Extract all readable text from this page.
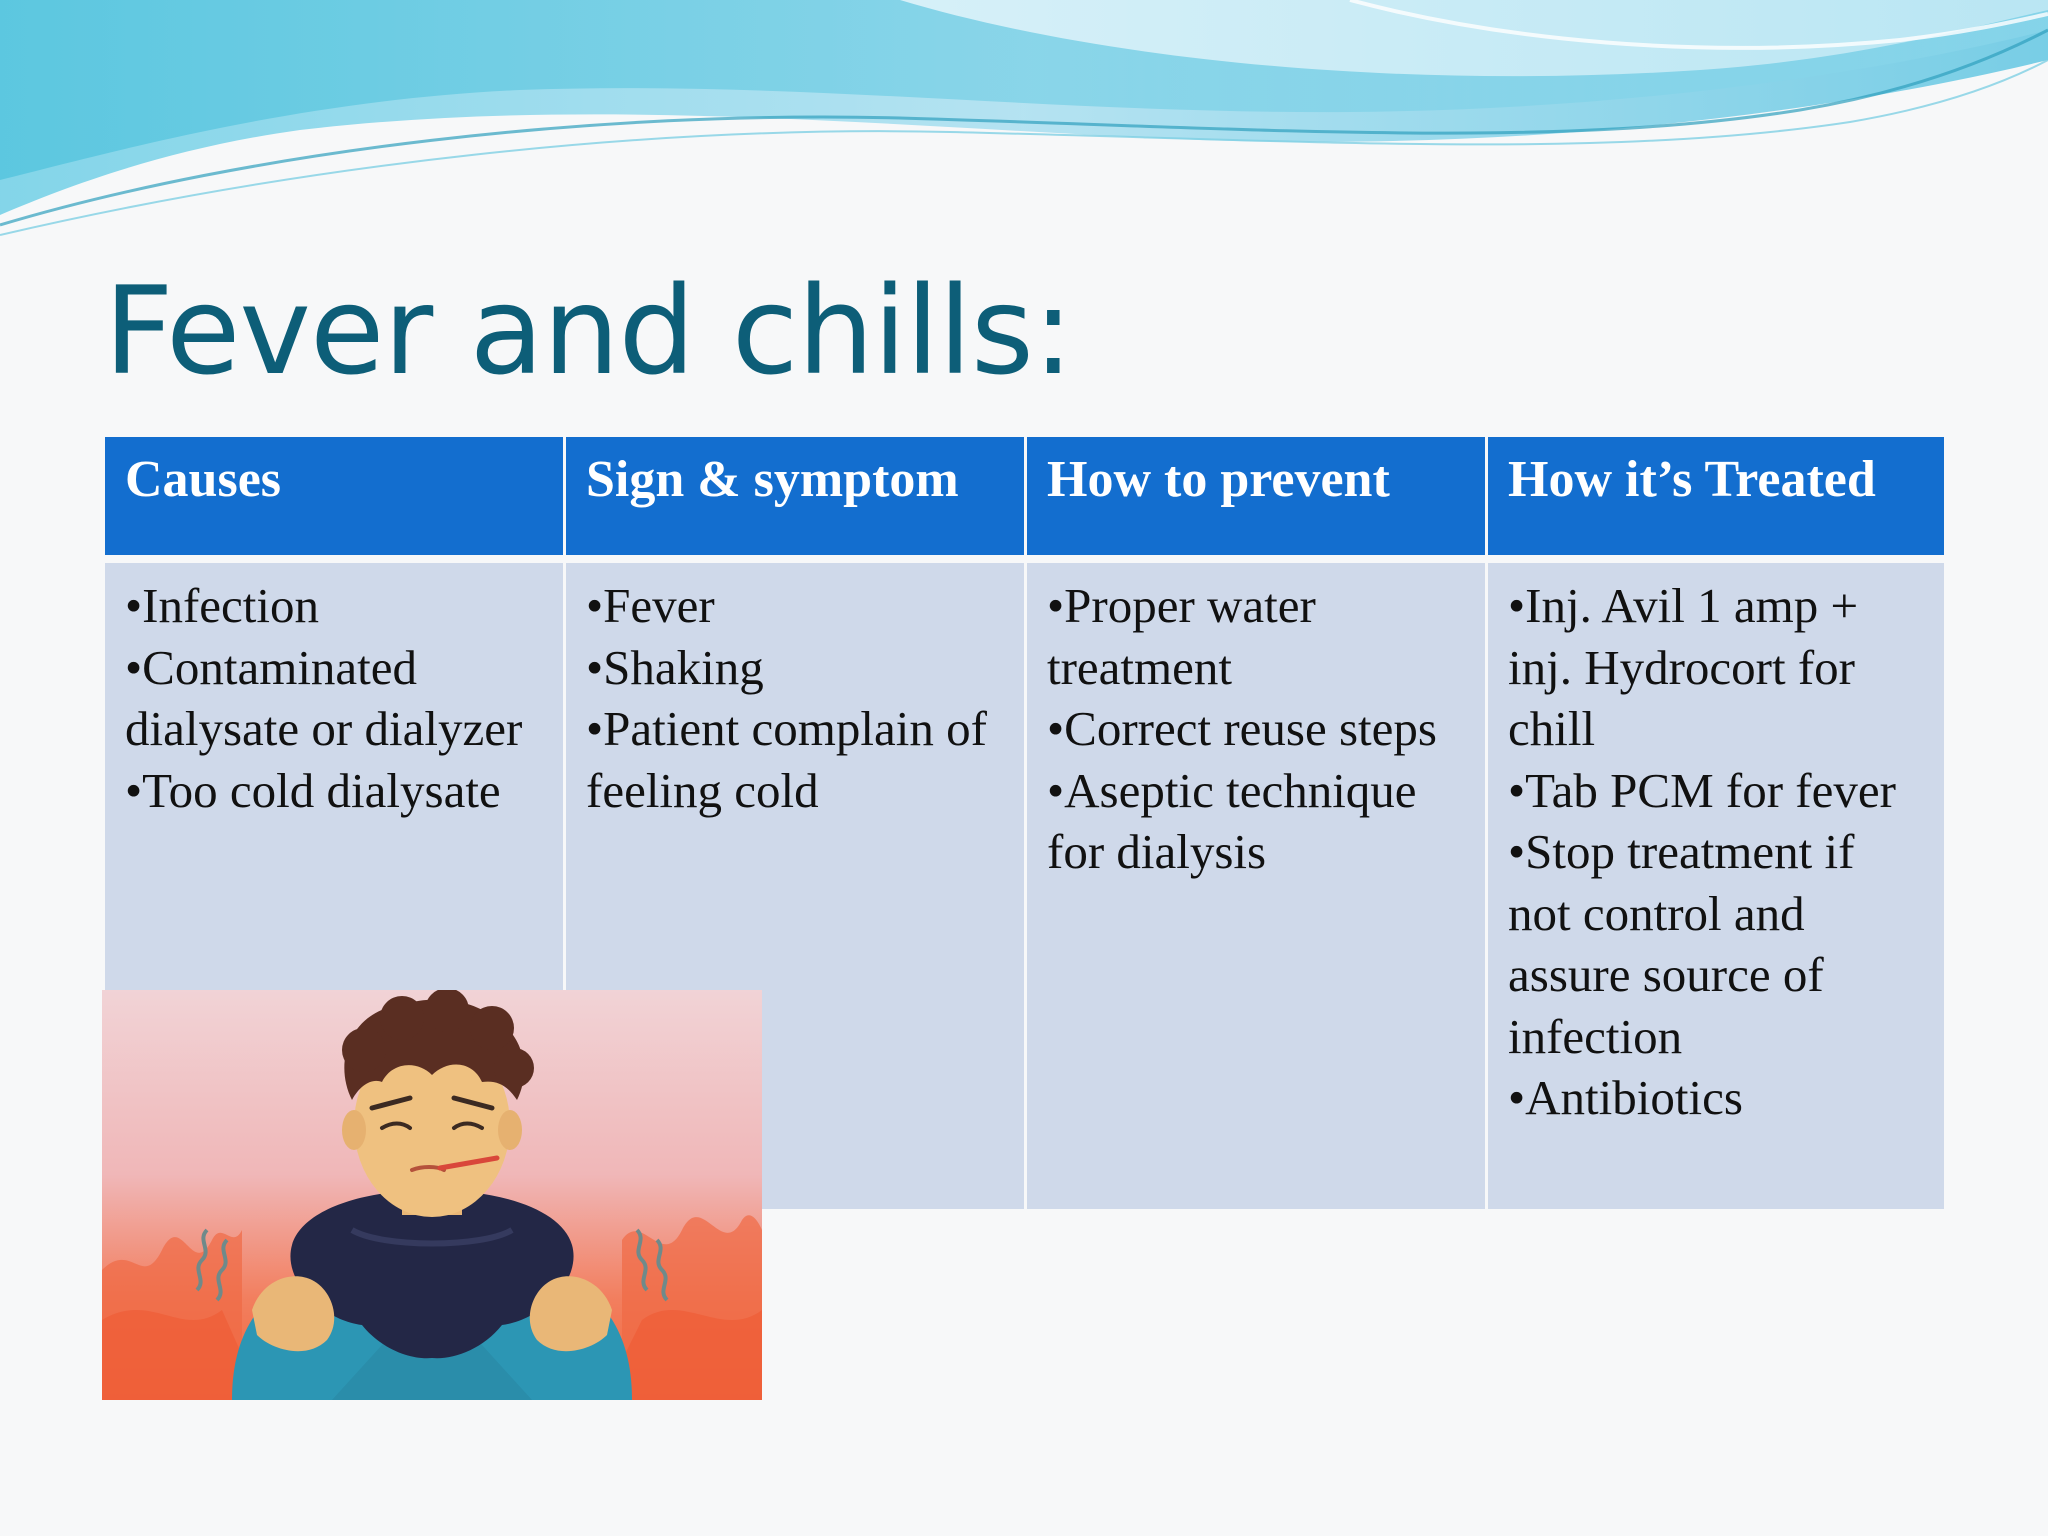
Fever and chills:
Causes	Sign & symptom	How to prevent	How it’s Treated

•Infection
•Contaminated dialysate or dialyzer
•Too cold dialysate	•Fever
•Shaking
•Patient complain of feeling cold	•Proper water treatment
•Correct reuse steps
•Aseptic technique for dialysis	•Inj. Avil 1 amp + inj. Hydrocort for chill
•Tab PCM for fever
•Stop treatment if not control and assure source of infection
•Antibiotics
